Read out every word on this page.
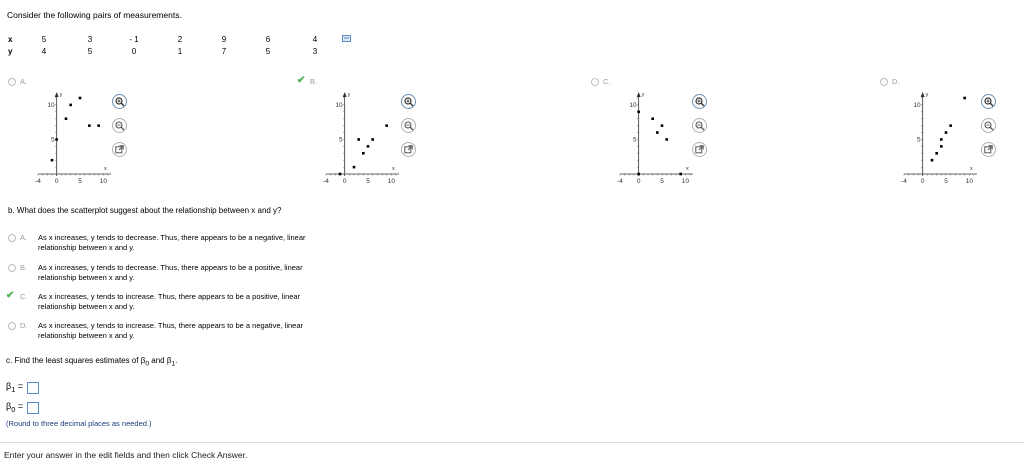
Consider the following pairs of measurements.
x
y
5	3	- 1	2	9	6	4
4	5	0	1	7	5	3

A.
-4 0	5	10
5
10
x
y
✔ B.
-4 0	5	10
5
10
x
y
C.
-4 0	5	10
5
10
x
y
D.
-4 0	5	10
5
10
x
y
b. What does the scatterplot suggest about the relationship between x and y?
A. As x increases, y tends to decrease. Thus, there appears to be a negative, linear
relationship between x and y.
B. As x increases, y tends to decrease. Thus, there appears to be a positive, linear
relationship between x and y.
✔ C. As x increases, y tends to increase. Thus, there appears to be a positive, linear
relationship between x and y.
D. As x increases, y tends to increase. Thus, there appears to be a negative, linear
relationship between x and y.
c. Find the least squares estimates of $\beta_0$ and $\beta_1$.
$\beta_1$ =
$\beta_0$ =
(Round to three decimal places as needed.)
Enter your answer in the edit fields and then click Check Answer.
